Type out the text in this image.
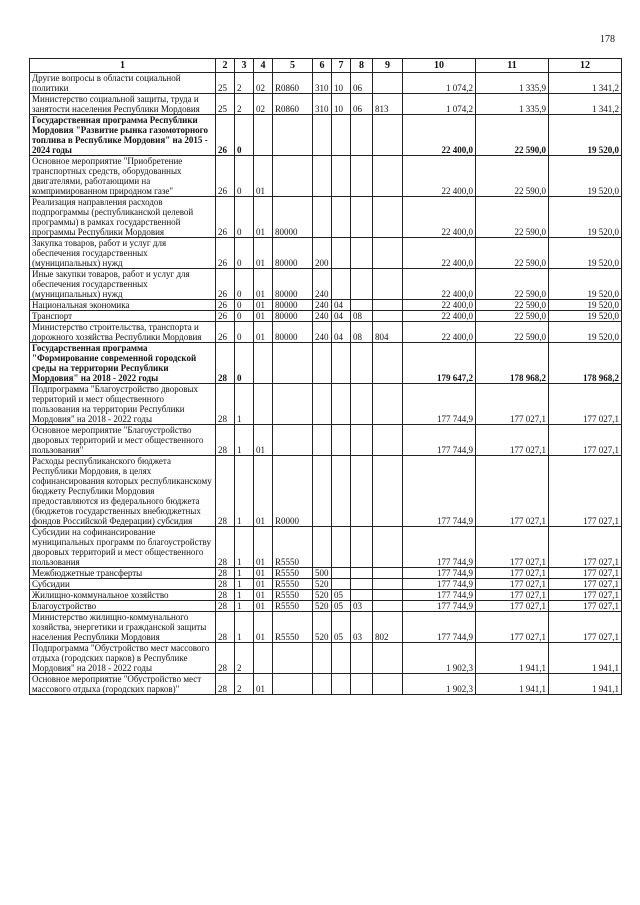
178
1	2	3	4	5	6	7	8	9	10	11	12
Другие вопросы в области социальной политики	25	2	02	R0860	310	10	06		1 074,2	1 335,9	1 341,2
Министерство социальной защиты, труда и занятости населения Республики Мордовия	25	2	02	R0860	310	10	06	813	1 074,2	1 335,9	1 341,2
Государственная программа Республики Мордовия "Развитие рынка газомоторного топлива в Республике Мордовия" на 2015 - 2024 годы	26	0							22 400,0	22 590,0	19 520,0
Основное мероприятие "Приобретение транспортных средств, оборудованных двигателями, работающими на компримированном природном газе"	26	0	01						22 400,0	22 590,0	19 520,0
Реализация направления расходов подпрограммы (республиканской целевой программы) в рамках государственной программы Республики Мордовия	26	0	01	80000					22 400,0	22 590,0	19 520,0
Закупка товаров, работ и услуг для обеспечения государственных (муниципальных) нужд	26	0	01	80000	200				22 400,0	22 590,0	19 520,0
Иные закупки товаров, работ и услуг для обеспечения государственных (муниципальных) нужд	26	0	01	80000	240				22 400,0	22 590,0	19 520,0
Национальная экономика	26	0	01	80000	240	04			22 400,0	22 590,0	19 520,0
Транспорт	26	0	01	80000	240	04	08		22 400,0	22 590,0	19 520,0
Министерство строительства, транспорта и дорожного хозяйства Республики Мордовия	26	0	01	80000	240	04	08	804	22 400,0	22 590,0	19 520,0
Государственная программа "Формирование современной городской среды на территории Республики Мордовия" на 2018 - 2022 годы	28	0							179 647,2	178 968,2	178 968,2
Подпрограмма "Благоустройство дворовых территорий и мест общественного пользования на территории Республики Мордовия" на 2018 - 2022 годы	28	1							177 744,9	177 027,1	177 027,1
Основное мероприятие "Благоустройство дворовых территорий и мест общественного пользования"	28	1	01						177 744,9	177 027,1	177 027,1
Расходы республиканского бюджета Республики Мордовия, в целях софинансирования которых республиканскому бюджету Республики Мордовия предоставляются из федерального бюджета (бюджетов государственных внебюджетных фондов Российской Федерации) субсидия	28	1	01	R0000					177 744,9	177 027,1	177 027,1
Субсидии на софинансирование муниципальных программ по благоустройству дворовых территорий и мест общественного пользования	28	1	01	R5550					177 744,9	177 027,1	177 027,1
Межбюджетные трансферты	28	1	01	R5550	500				177 744,9	177 027,1	177 027,1
Субсидии	28	1	01	R5550	520				177 744,9	177 027,1	177 027,1
Жилищно-коммунальное хозяйство	28	1	01	R5550	520	05			177 744,9	177 027,1	177 027,1
Благоустройство	28	1	01	R5550	520	05	03		177 744,9	177 027,1	177 027,1
Министерство жилищно-коммунального хозяйства, энергетики и гражданской защиты населения Республики Мордовия	28	1	01	R5550	520	05	03	802	177 744,9	177 027,1	177 027,1
Подпрограмма "Обустройство мест массового отдыха (городских парков) в Республике Мордовия" на 2018 - 2022 годы	28	2							1 902,3	1 941,1	1 941,1
Основное мероприятие "Обустройство мест массового отдыха (городских парков)"	28	2	01						1 902,3	1 941,1	1 941,1
